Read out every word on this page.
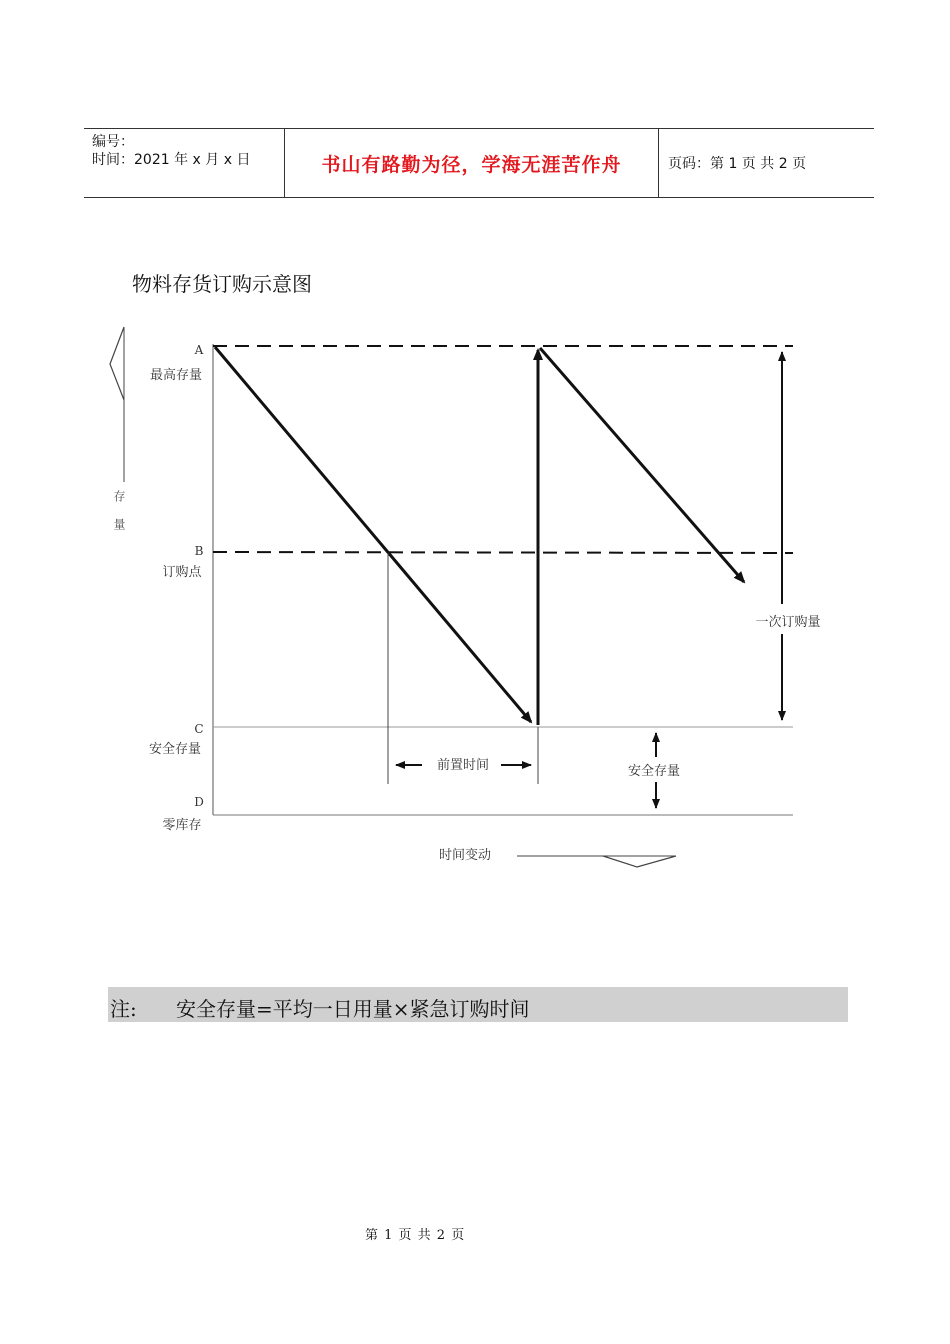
编号：
时间：2021 年 x 月 x 日	书山有路勤为径，学海无涯苦作舟	页码：第 1 页 共 2 页
物料存货订购示意图
存量
A
最高存量
B
订购点
C
安全存量
D
零库存
前置时间	安全存量
一次订购量
时间变动
注: 安全存量=平均一日用量×紧急订购时间
第 1 页 共 2 页
